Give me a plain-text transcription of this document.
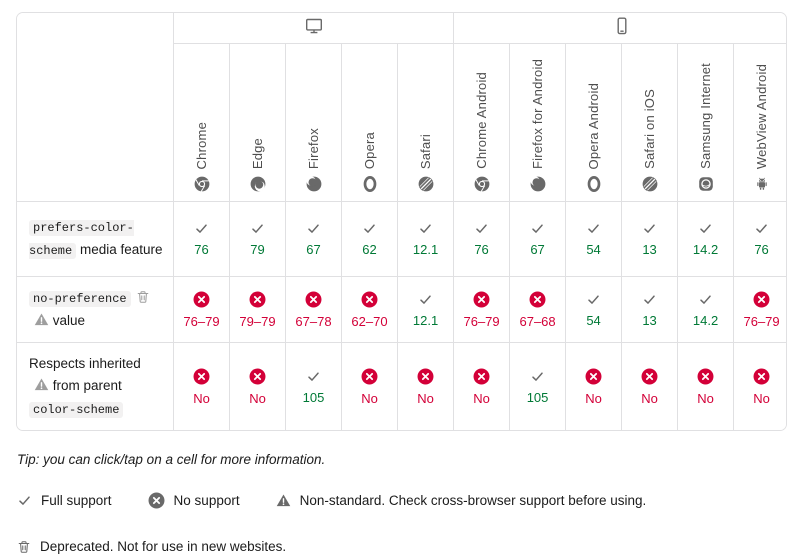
	Chrome	Edge	Firefox	Opera	Safari	Chrome Android	Firefox for Android	Opera Android	Safari on iOS	Samsung Internet	WebView Android

prefers-color-scheme media feature	76	79	67	62	12.1	76	67	54	13	14.2	76

no-preference value	76–79	79–79	67–78	62–70	12.1	76–79	67–68	54	13	14.2	76–79

Respects inherited  from parent color-scheme	No	No	105	No	No	No	105	No	No	No	No

Tip: you can click/tap on a cell for more information.

Full support	No support	Non-standard. Check cross-browser support before using.
Deprecated. Not for use in new websites.
